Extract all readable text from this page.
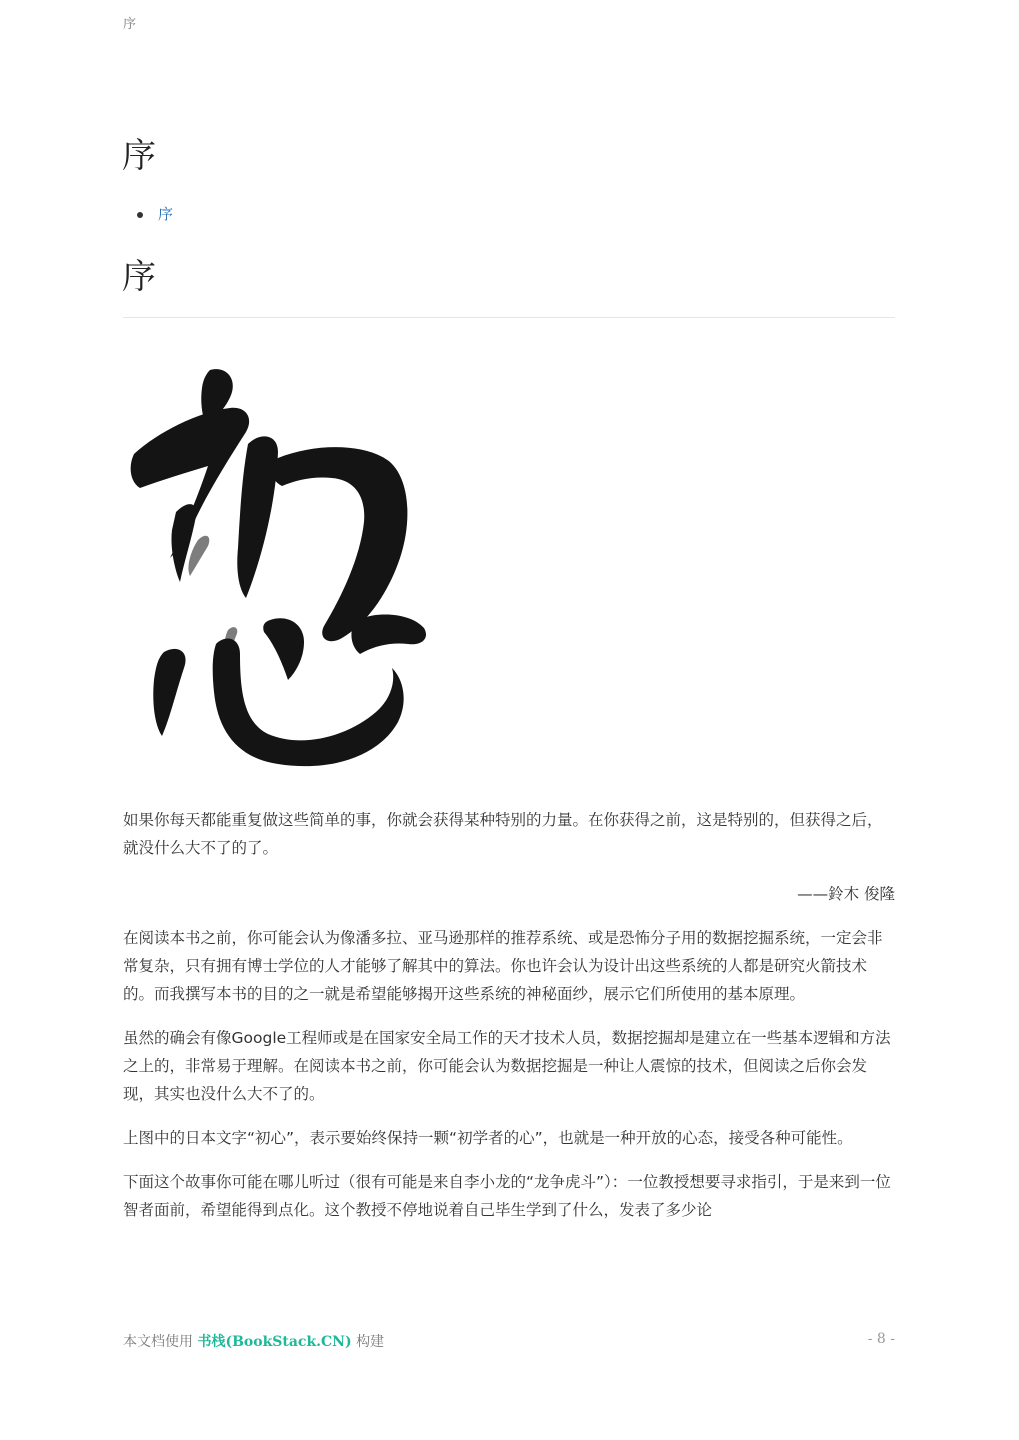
序
序
序
序

如果你每天都能重复做这些简单的事，你就会获得某种特别的力量。在你获得之前，这是特别的，但获得之后，就没什么大不了的了。

——鈴木 俊隆

在阅读本书之前，你可能会认为像潘多拉、亚马逊那样的推荐系统、或是恐怖分子用的数据挖掘系统，一定会非常复杂，只有拥有博士学位的人才能够了解其中的算法。你也许会认为设计出这些系统的人都是研究火箭技术的。而我撰写本书的目的之一就是希望能够揭开这些系统的神秘面纱，展示它们所使用的基本原理。

虽然的确会有像Google工程师或是在国家安全局工作的天才技术人员，数据挖掘却是建立在一些基本逻辑和方法之上的，非常易于理解。在阅读本书之前，你可能会认为数据挖掘是一种让人震惊的技术，但阅读之后你会发现，其实也没什么大不了的。

上图中的日本文字“初心”，表示要始终保持一颗“初学者的心”，也就是一种开放的心态，接受各种可能性。

下面这个故事你可能在哪儿听过（很有可能是来自李小龙的“龙争虎斗”）：一位教授想要寻求指引，于是来到一位智者面前，希望能得到点化。这个教授不停地说着自己毕生学到了什么，发表了多少论

本文档使用 书栈(BookStack.CN) 构建	- 8 -
